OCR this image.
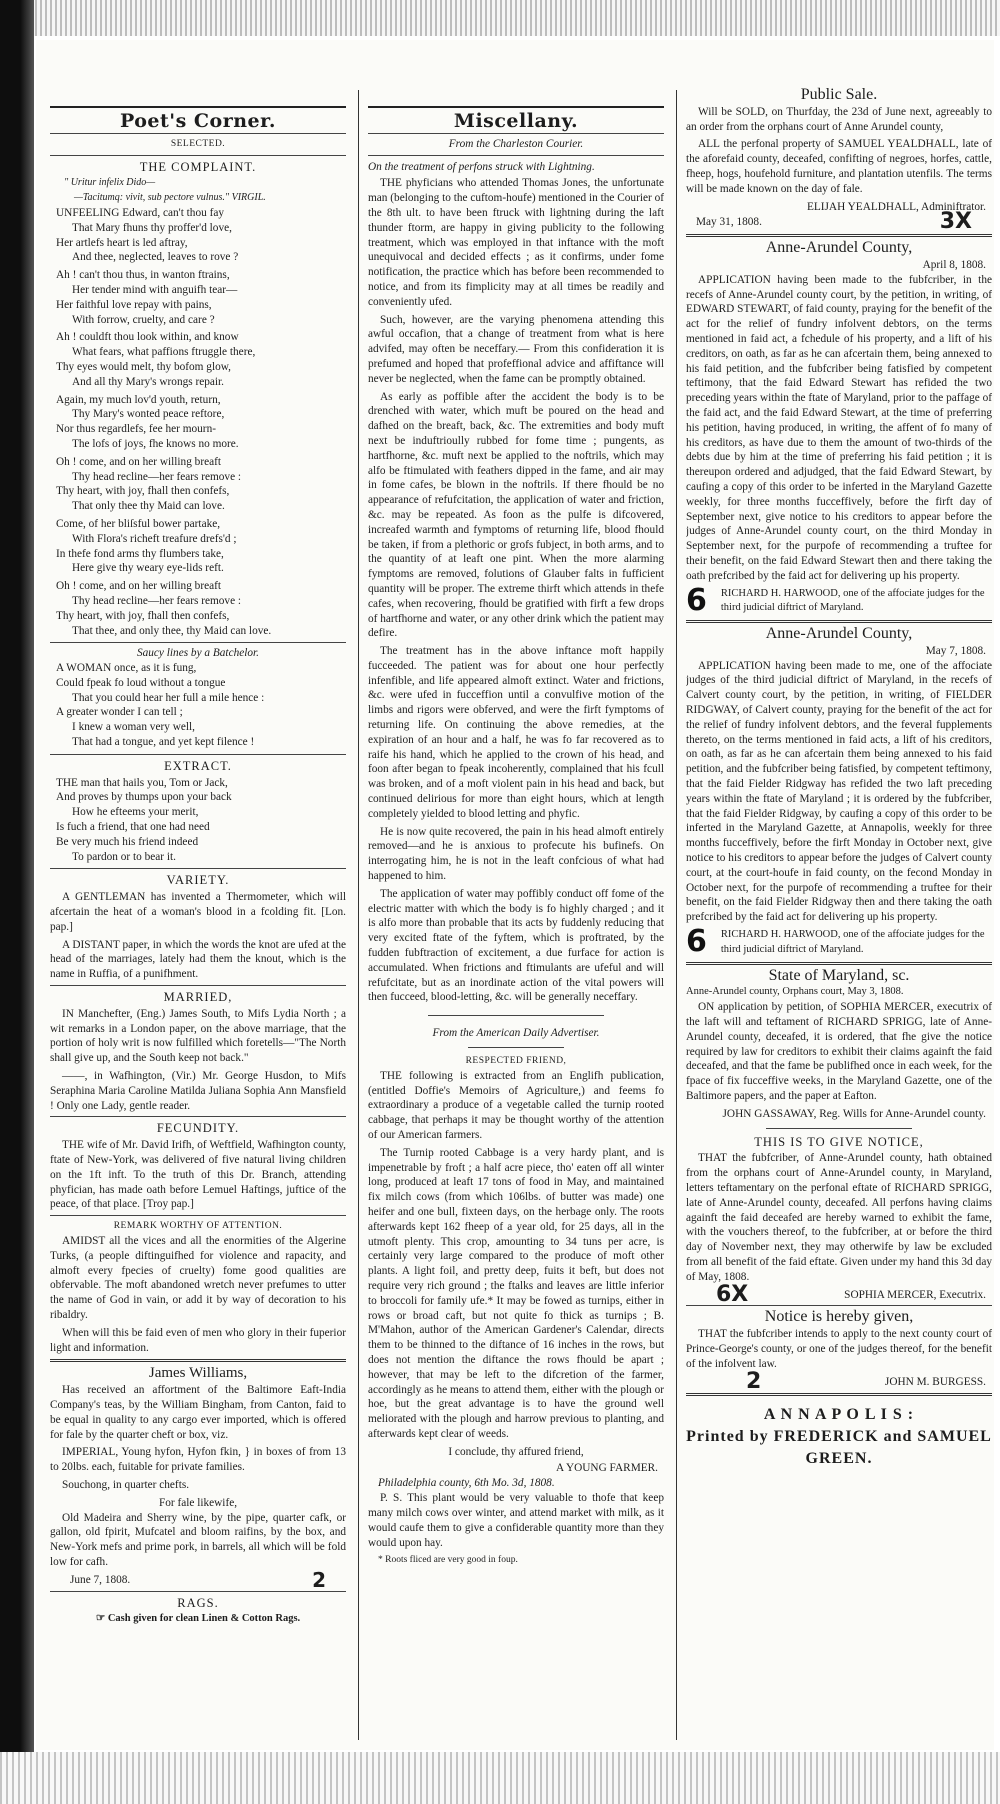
Poet's Corner.
SELECTED.
THE COMPLAINT.
" Uritur infelix Dido—
—Tacitumq: vivit, sub pectore vulnus." VIRGIL.
UNFEELING Edward, can't thou fay
That Mary fhuns thy proffer'd love,
Her artlefs heart is led aftray,
And thee, neglected, leaves to rove ?
Ah ! can't thou thus, in wanton ftrains,
Her tender mind with anguifh tear—
Her faithful love repay with pains,
With forrow, cruelty, and care ?
Ah ! couldft thou look within, and know
What fears, what paffions ftruggle there,
Thy eyes would melt, thy bofom glow,
And all thy Mary's wrongs repair.
Again, my much lov'd youth, return,
Thy Mary's wonted peace reftore,
Nor thus regardlefs, fee her mourn-
The lofs of joys, fhe knows no more.
Oh ! come, and on her willing breaft
Thy head recline—her fears remove :
Thy heart, with joy, fhall then confefs,
That only thee thy Maid can love.
Come, of her bliſsful bower partake,
With Flora's richeft treafure drefs'd ;
In thefe fond arms thy flumbers take,
Here give thy weary eye-lids reft.
Oh ! come, and on her willing breaft
Thy head recline—her fears remove :
Thy heart, with joy, fhall then confefs,
That thee, and only thee, thy Maid can love.
Saucy lines by a Batchelor.
A WOMAN once, as it is fung,
Could fpeak fo loud without a tongue
That you could hear her full a mile hence :
A greater wonder I can tell ;
I knew a woman very well,
That had a tongue, and yet kept filence !
EXTRACT.
THE man that hails you, Tom or Jack,
And proves by thumps upon your back
How he efteems your merit,
Is fuch a friend, that one had need
Be very much his friend indeed
To pardon or to bear it.
VARIETY.

A GENTLEMAN has invented a Thermometer, which will afcertain the heat of a woman's blood in a fcolding fit. [Lon. pap.]

A DISTANT paper, in which the words the knot are ufed at the head of the marriages, lately had them the knout, which is the name in Ruffia, of a punifhment.

MARRIED,

IN Manchefter, (Eng.) James South, to Mifs Lydia North ; a wit remarks in a London paper, on the above marriage, that the portion of holy writ is now fulfilled which foretells—"The North shall give up, and the South keep not back."

——, in Wafhington, (Vir.) Mr. George Husdon, to Mifs Seraphina Maria Caroline Matilda Juliana Sophia Ann Mansfield ! Only one Lady, gentle reader.

FECUNDITY.

THE wife of Mr. David Irifh, of Weftfield, Wafhington county, ftate of New-York, was delivered of five natural living children on the 1ft inft. To the truth of this Dr. Branch, attending phyfician, has made oath before Lemuel Haftings, juftice of the peace, of that place. [Troy pap.]

REMARK WORTHY OF ATTENTION.

AMIDST all the vices and all the enormities of the Algerine Turks, (a people diftinguifhed for violence and rapacity, and almoft every fpecies of cruelty) fome good qualities are obfervable. The moft abandoned wretch never prefumes to utter the name of God in vain, or add it by way of decoration to his ribaldry.

When will this be faid even of men who glory in their fuperior light and information.

James Williams,

Has received an affortment of the Baltimore Eaft-India Company's teas, by the William Bingham, from Canton, faid to be equal in quality to any cargo ever imported, which is offered for fale by the quarter cheft or box, viz.

IMPERIAL, Young hyfon, Hyfon fkin, } in boxes of from 13 to 20lbs. each, fuitable for private families.

Souchong, in quarter chefts.

For fale likewife,

Old Madeira and Sherry wine, by the pipe, quarter cafk, or gallon, old fpirit, Mufcatel and bloom raifins, by the box, and New-York mefs and prime pork, in barrels, all which will be fold low for cafh.

June 7, 1808.	2
RAGS.
☞ Cash given for clean Linen & Cotton Rags.
Miscellany.
From the Charleston Courier.
On the treatment of perfons struck with Lightning.

THE phyficians who attended Thomas Jones, the unfortunate man (belonging to the cuftom-houfe) mentioned in the Courier of the 8th ult. to have been ftruck with lightning during the laft thunder ftorm, are happy in giving publicity to the following treatment, which was employed in that inftance with the moft unequivocal and decided effects ; as it confirms, under fome notification, the practice which has before been recommended to notice, and from its fimplicity may at all times be readily and conveniently ufed.

Such, however, are the varying phenomena attending this awful occafion, that a change of treatment from what is here advifed, may often be neceffary.— From this confideration it is prefumed and hoped that profeffional advice and affiftance will never be neglected, when the fame can be promptly obtained.

As early as poffible after the accident the body is to be drenched with water, which muft be poured on the head and dafhed on the breaft, back, &c. The extremities and body muft next be induftrioully rubbed for fome time ; pungents, as hartfhorne, &c. muft next be applied to the noftrils, which may alfo be ftimulated with feathers dipped in the fame, and air may in fome cafes, be blown in the noftrils. If there fhould be no appearance of refufcitation, the application of water and friction, &c. may be repeated. As foon as the pulfe is difcovered, increafed warmth and fymptoms of returning life, blood fhould be taken, if from a plethoric or grofs fubject, in both arms, and to the quantity of at leaft one pint. When the more alarming fymptoms are removed, folutions of Glauber falts in fufficient quantity will be proper. The extreme thirft which attends in thefe cafes, when recovering, fhould be gratified with firft a few drops of hartfhorne and water, or any other drink which the patient may defire.

The treatment has in the above inftance moft happily fucceeded. The patient was for about one hour perfectly infenfible, and life appeared almoft extinct. Water and frictions, &c. were ufed in fucceffion until a convulfive motion of the limbs and rigors were obferved, and were the firft fymptoms of returning life. On continuing the above remedies, at the expiration of an hour and a half, he was fo far recovered as to raife his hand, which he applied to the crown of his head, and foon after began to fpeak incoherently, complained that his fcull was broken, and of a moft violent pain in his head and back, but continued delirious for more than eight hours, which at length completely yielded to blood letting and phyfic.

He is now quite recovered, the pain in his head almoft entirely removed—and he is anxious to profecute his bufinefs. On interrogating him, he is not in the leaft confcious of what had happened to him.

The application of water may poffibly conduct off fome of the electric matter with which the body is fo highly charged ; and it is alfo more than probable that its acts by fuddenly reducing that very excited ftate of the fyftem, which is proftrated, by the fudden fubftraction of excitement, a due furface for action is accumulated. When frictions and ftimulants are ufeful and will refufcitate, but as an inordinate action of the vital powers will then fucceed, blood-letting, &c. will be generally neceffary.

From the American Daily Advertiser.
RESPECTED FRIEND,

THE following is extracted from an Englifh publication, (entitled Doffie's Memoirs of Agriculture,) and feems fo extraordinary a produce of a vegetable called the turnip rooted cabbage, that perhaps it may be thought worthy of the attention of our American farmers.

The Turnip rooted Cabbage is a very hardy plant, and is impenetrable by froft ; a half acre piece, tho' eaten off all winter long, produced at leaft 17 tons of food in May, and maintained fix milch cows (from which 106lbs. of butter was made) one heifer and one bull, fixteen days, on the herbage only. The roots afterwards kept 162 fheep of a year old, for 25 days, all in the utmoft plenty. This crop, amounting to 34 tuns per acre, is certainly very large compared to the produce of moft other plants. A light foil, and pretty deep, fuits it beft, but does not require very rich ground ; the ftalks and leaves are little inferior to broccoli for family ufe.* It may be fowed as turnips, either in rows or broad caft, but not quite fo thick as turnips ; B. M'Mahon, author of the American Gardener's Calendar, directs them to be thinned to the diftance of 16 inches in the rows, but does not mention the diftance the rows fhould be apart ; however, that may be left to the difcretion of the farmer, accordingly as he means to attend them, either with the plough or hoe, but the great advantage is to have the ground well meliorated with the plough and harrow previous to planting, and afterwards kept clear of weeds.

I conclude, thy affured friend,
A YOUNG FARMER.
Philadelphia county, 6th Mo. 3d, 1808.

P. S. This plant would be very valuable to thofe that keep many milch cows over winter, and attend market with milk, as it would caufe them to give a confiderable quantity more than they would upon hay.

* Roots fliced are very good in foup.
Public Sale.

Will be SOLD, on Thurfday, the 23d of June next, agreeably to an order from the orphans court of Anne Arundel county,

ALL the perfonal property of SAMUEL YEALDHALL, late of the aforefaid county, deceafed, confifting of negroes, horfes, cattle, fheep, hogs, houfehold furniture, and plantation utenfils. The terms will be made known on the day of fale.

ELIJAH YEALDHALL, Adminiftrator.
May 31, 1808.	3X
Anne-Arundel County,
April 8, 1808.

APPLICATION having been made to the fubfcriber, in the recefs of Anne-Arundel county court, by the petition, in writing, of EDWARD STEWART, of faid county, praying for the benefit of the act for the relief of fundry infolvent debtors, on the terms mentioned in faid act, a fchedule of his property, and a lift of his creditors, on oath, as far as he can afcertain them, being annexed to his faid petition, and the fubfcriber being fatisfied by competent teftimony, that the faid Edward Stewart has refided the two preceding years within the ftate of Maryland, prior to the paffage of the faid act, and the faid Edward Stewart, at the time of preferring his petition, having produced, in writing, the affent of fo many of his creditors, as have due to them the amount of two-thirds of the debts due by him at the time of preferring his faid petition ; it is thereupon ordered and adjudged, that the faid Edward Stewart, by caufing a copy of this order to be inferted in the Maryland Gazette weekly, for three months fucceffively, before the firft day of September next, give notice to his creditors to appear before the judges of Anne-Arundel county court, on the third Monday in September next, for the purpofe of recommending a truftee for their benefit, on the faid Edward Stewart then and there taking the oath prefcribed by the faid act for delivering up his property.

6 RICHARD H. HARWOOD, one of the affociate judges for the third judicial diftrict of Maryland.
Anne-Arundel County,
May 7, 1808.

APPLICATION having been made to me, one of the affociate judges of the third judicial diftrict of Maryland, in the recefs of Calvert county court, by the petition, in writing, of FIELDER RIDGWAY, of Calvert county, praying for the benefit of the act for the relief of fundry infolvent debtors, and the feveral fupplements thereto, on the terms mentioned in faid acts, a lift of his creditors, on oath, as far as he can afcertain them being annexed to his faid petition, and the fubfcriber being fatisfied, by competent teftimony, that the faid Fielder Ridgway has refided the two laft preceding years within the ftate of Maryland ; it is ordered by the fubfcriber, that the faid Fielder Ridgway, by caufing a copy of this order to be inferted in the Maryland Gazette, at Annapolis, weekly for three months fucceffively, before the firft Monday in October next, give notice to his creditors to appear before the judges of Calvert county court, at the court-houfe in faid county, on the fecond Monday in October next, for the purpofe of recommending a truftee for their benefit, on the faid Fielder Ridgway then and there taking the oath prefcribed by the faid act for delivering up his property.

6 RICHARD H. HARWOOD, one of the affociate judges for the third judicial diftrict of Maryland.
State of Maryland, sc.
Anne-Arundel county, Orphans court, May 3, 1808.

ON application by petition, of SOPHIA MERCER, executrix of the laft will and teftament of RICHARD SPRIGG, late of Anne-Arundel county, deceafed, it is ordered, that fhe give the notice required by law for creditors to exhibit their claims againft the faid deceafed, and that the fame be publifhed once in each week, for the fpace of fix fucceffive weeks, in the Maryland Gazette, one of the Baltimore papers, and the paper at Eafton.

JOHN GASSAWAY, Reg. Wills for Anne-Arundel county.
THIS IS TO GIVE NOTICE,

THAT the fubfcriber, of Anne-Arundel county, hath obtained from the orphans court of Anne-Arundel county, in Maryland, letters teftamentary on the perfonal eftate of RICHARD SPRIGG, late of Anne-Arundel county, deceafed. All perfons having claims againft the faid deceafed are hereby warned to exhibit the fame, with the vouchers thereof, to the fubfcriber, at or before the third day of November next, they may otherwife by law be excluded from all benefit of the faid eftate. Given under my hand this 3d day of May, 1808.

6X	SOPHIA MERCER, Executrix.
Notice is hereby given,

THAT the fubfcriber intends to apply to the next county court of Prince-George's county, or one of the judges thereof, for the benefit of the infolvent law.

2	JOHN M. BURGESS.
A N N A P O L I S :
Printed by FREDERICK and SAMUEL
GREEN.
